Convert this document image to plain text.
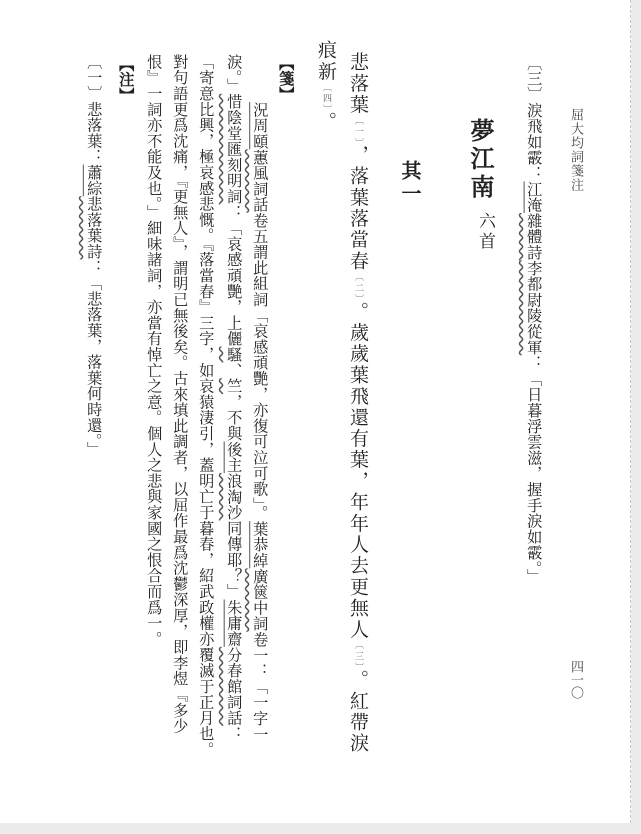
屈大均詞箋注
四一〇
〔三〕淚飛如霰：江淹雜體詩李都尉陵從軍：「日暮浮雲滋，握手淚如霰。」
夢江南
六首
其一
悲落葉〔一〕，落葉落當春〔二〕。歲歲葉飛還有葉，年年人去更無人〔三〕。紅帶淚
痕新〔四〕。
【箋】
況周頤蕙風詞話卷五謂此組詞「哀感頑艷，亦復可泣可歌」。葉恭綽廣篋中詞卷一：「一字一
淚。」惜陰堂匯刻明詞：「哀感頑艷，上儷騷、竺，不與後主浪淘沙同傳耶？」朱庸齋分春館詞話：
「寄意比興，極哀感悲慨。『落當春』三字，如哀猿淒引，蓋明亡于暮春，紹武政權亦覆滅于正月也。
對句語更爲沈痛，『更無人』，謂明已無後矣。古來填此調者，以屈作最爲沈鬱深厚，即李煜『多少
恨』一詞亦不能及也。」細味諸詞，亦當有悼亡之意。個人之悲與家國之恨合而爲一。
【注】
〔一〕悲落葉：蕭綜悲落葉詩：「悲落葉，落葉何時還。」
